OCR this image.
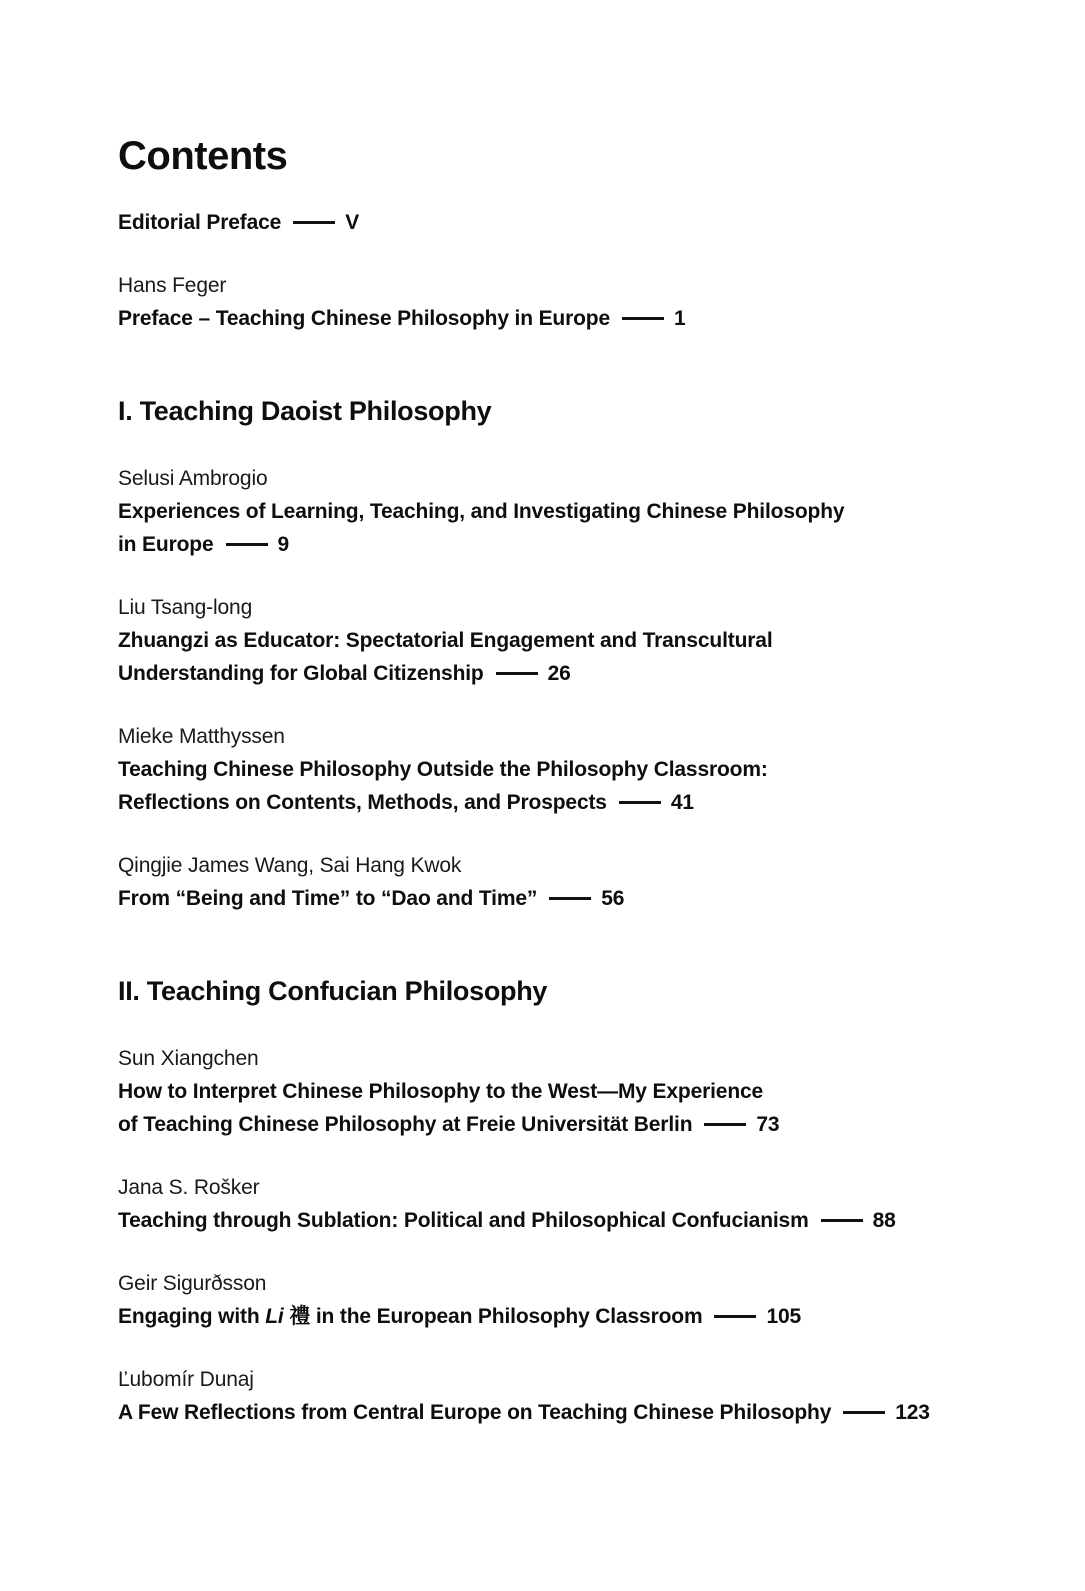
Contents
Editorial Preface	V
Hans Feger
Preface – Teaching Chinese Philosophy in Europe	1
I. Teaching Daoist Philosophy
Selusi Ambrogio
Experiences of Learning, Teaching, and Investigating Chinese Philosophy
in Europe	9
Liu Tsang-long
Zhuangzi as Educator: Spectatorial Engagement and Transcultural
Understanding for Global Citizenship	26
Mieke Matthyssen
Teaching Chinese Philosophy Outside the Philosophy Classroom:
Reflections on Contents, Methods, and Prospects	41
Qingjie James Wang, Sai Hang Kwok
From “Being and Time” to “Dao and Time”	56
II. Teaching Confucian Philosophy
Sun Xiangchen
How to Interpret Chinese Philosophy to the West—My Experience
of Teaching Chinese Philosophy at Freie Universität Berlin	73
Jana S. Rošker
Teaching through Sublation: Political and Philosophical Confucianism	88
Geir Sigurðsson
Engaging with Li 禮 in the European Philosophy Classroom	105
Ľubomír Dunaj
A Few Reflections from Central Europe on Teaching Chinese Philosophy	123
